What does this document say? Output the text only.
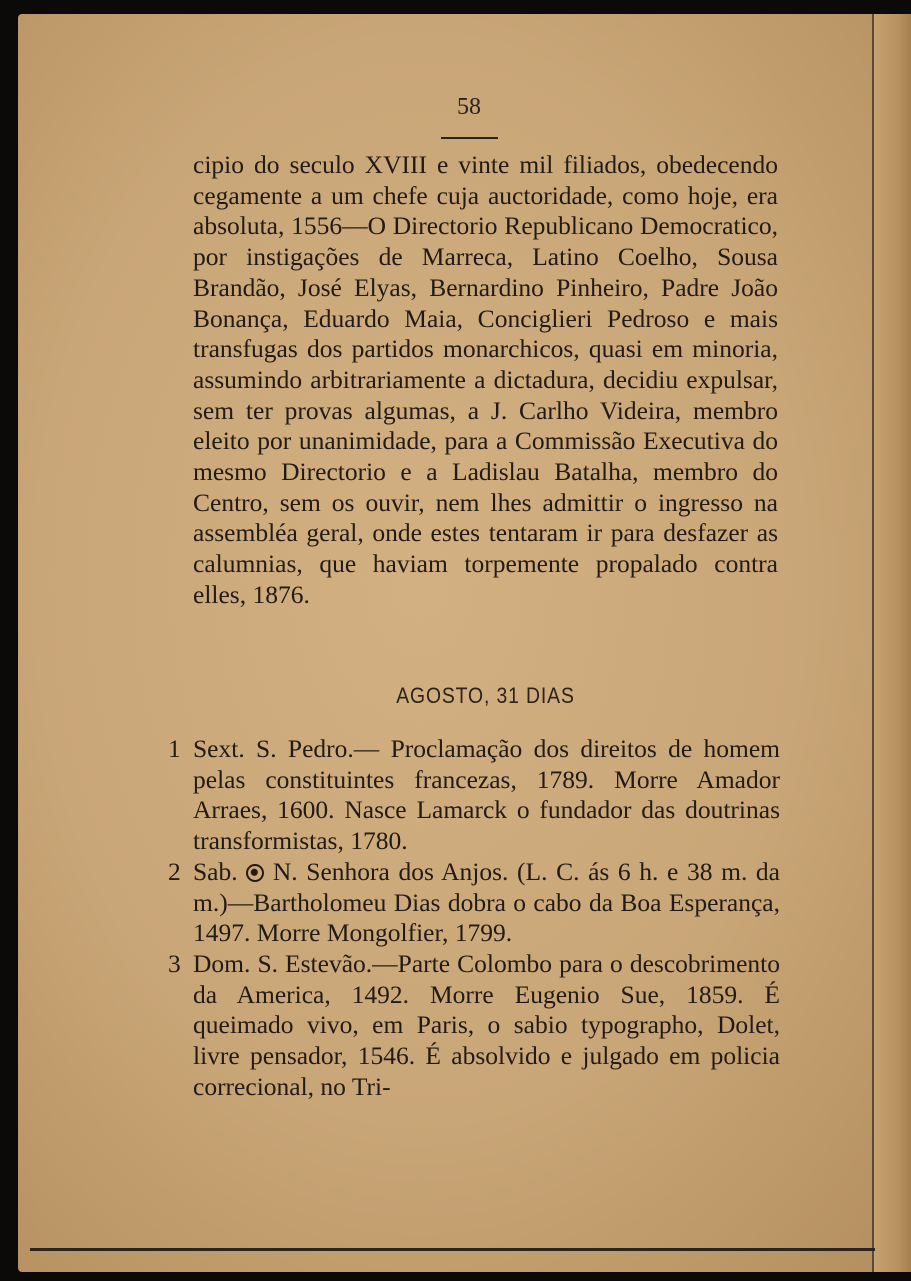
58
cipio do seculo XVIII e vinte mil filiados, obedecendo cegamente a um chefe cuja auctoridade, como hoje, era absoluta, 1556—O Directorio Republicano Democratico, por instigações de Marreca, Latino Coelho, Sousa Brandão, José Elyas, Bernardino Pinheiro, Padre João Bonança, Eduardo Maia, Conciglieri Pedroso e mais transfugas dos partidos monarchicos, quasi em minoria, assumindo arbitrariamente a dictadura, decidiu expulsar, sem ter provas algumas, a J. Carlho Videira, membro eleito por unanimidade, para a Commissão Executiva do mesmo Directorio e a Ladislau Batalha, membro do Centro, sem os ouvir, nem lhes admittir o ingresso na assembléa geral, onde estes tentaram ir para desfazer as calumnias, que haviam torpemente propalado contra elles, 1876.
AGOSTO, 31 DIAS
1 Sext. S. Pedro.— Proclamação dos direitos de homem pelas constituintes francezas, 1789. Morre Amador Arraes, 1600. Nasce Lamarck o fundador das doutrinas transformistas, 1780.
2 Sab. N. Senhora dos Anjos. (L. C. ás 6 h. e 38 m. da m.)—Bartholomeu Dias dobra o cabo da Boa Esperança, 1497. Morre Mongolfier, 1799.
3 Dom. S. Estevão.—Parte Colombo para o descobrimento da America, 1492. Morre Eugenio Sue, 1859. É queimado vivo, em Paris, o sabio typographo, Dolet, livre pensador, 1546. É absolvido e julgado em policia correcional, no Tri-
